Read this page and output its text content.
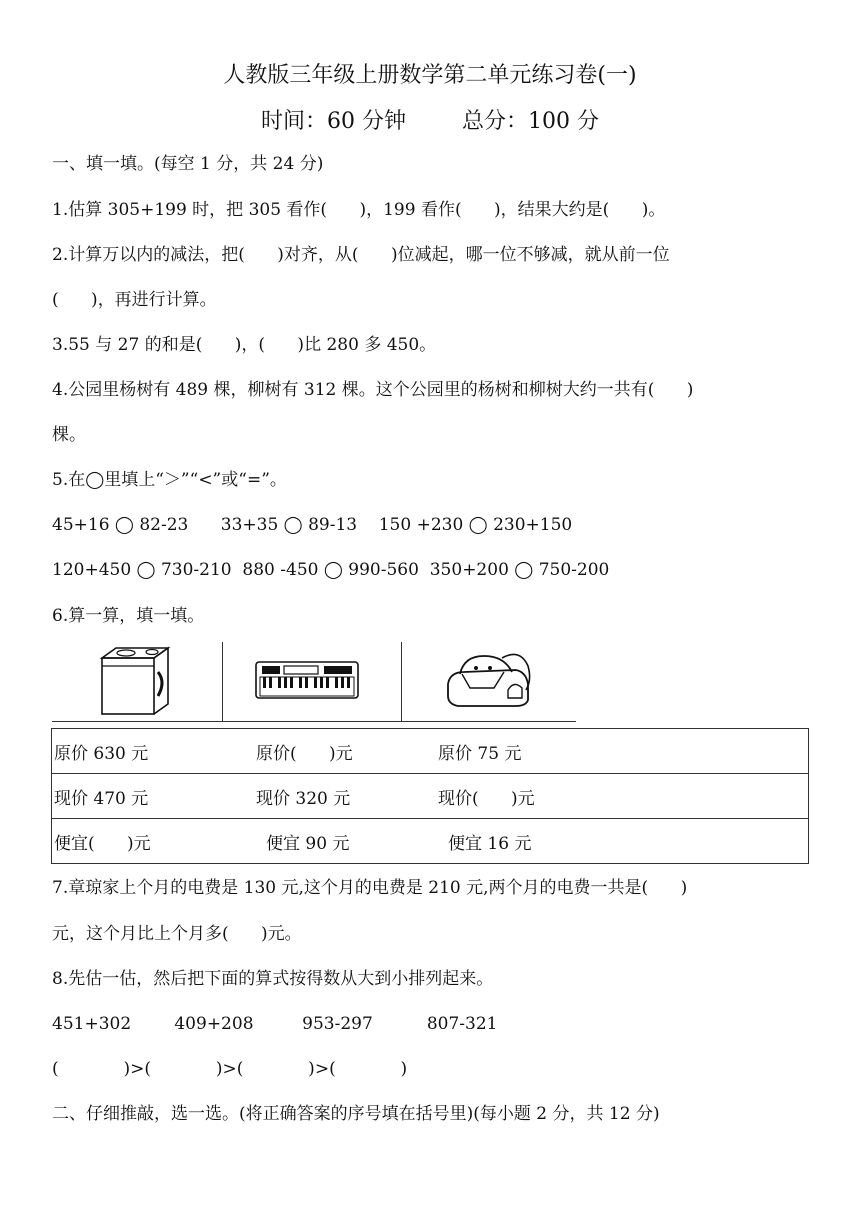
人教版三年级上册数学第二单元练习卷(一)
时间：60 分钟        总分：100 分
一、填一填。(每空 1 分，共 24 分)
1.估算 305+199 时，把 305 看作(      )，199 看作(      )，结果大约是(      )。
2.计算万以内的减法，把(      )对齐，从(      )位减起，哪一位不够减，就从前一位
(      )，再进行计算。
3.55 与 27 的和是(      )，(      )比 280 多 450。
4.公园里杨树有 489 棵，柳树有 312 棵。这个公园里的杨树和柳树大约一共有(      )
棵。
5.在◯里填上“＞”“<”或“=”。
45+16 ◯ 82-23      33+35 ◯ 89-13    150 +230 ◯ 230+150
120+450 ◯ 730-210  880 -450 ◯ 990-560  350+200 ◯ 750-200
6.算一算，填一填。
原价 630 元	原价(      )元	原价 75 元

现价 470 元	现价 320 元	现价(      )元

便宜(      )元	便宜 90 元	便宜 16 元
7.章琼家上个月的电费是 130 元,这个月的电费是 210 元,两个月的电费一共是(      )
元，这个月比上个月多(      )元。
8.先估一估，然后把下面的算式按得数从大到小排列起来。
451+302        409+208         953-297          807-321
(            )>(            )>(            )>(            )
二、仔细推敲，选一选。(将正确答案的序号填在括号里)(每小题 2 分，共 12 分)
